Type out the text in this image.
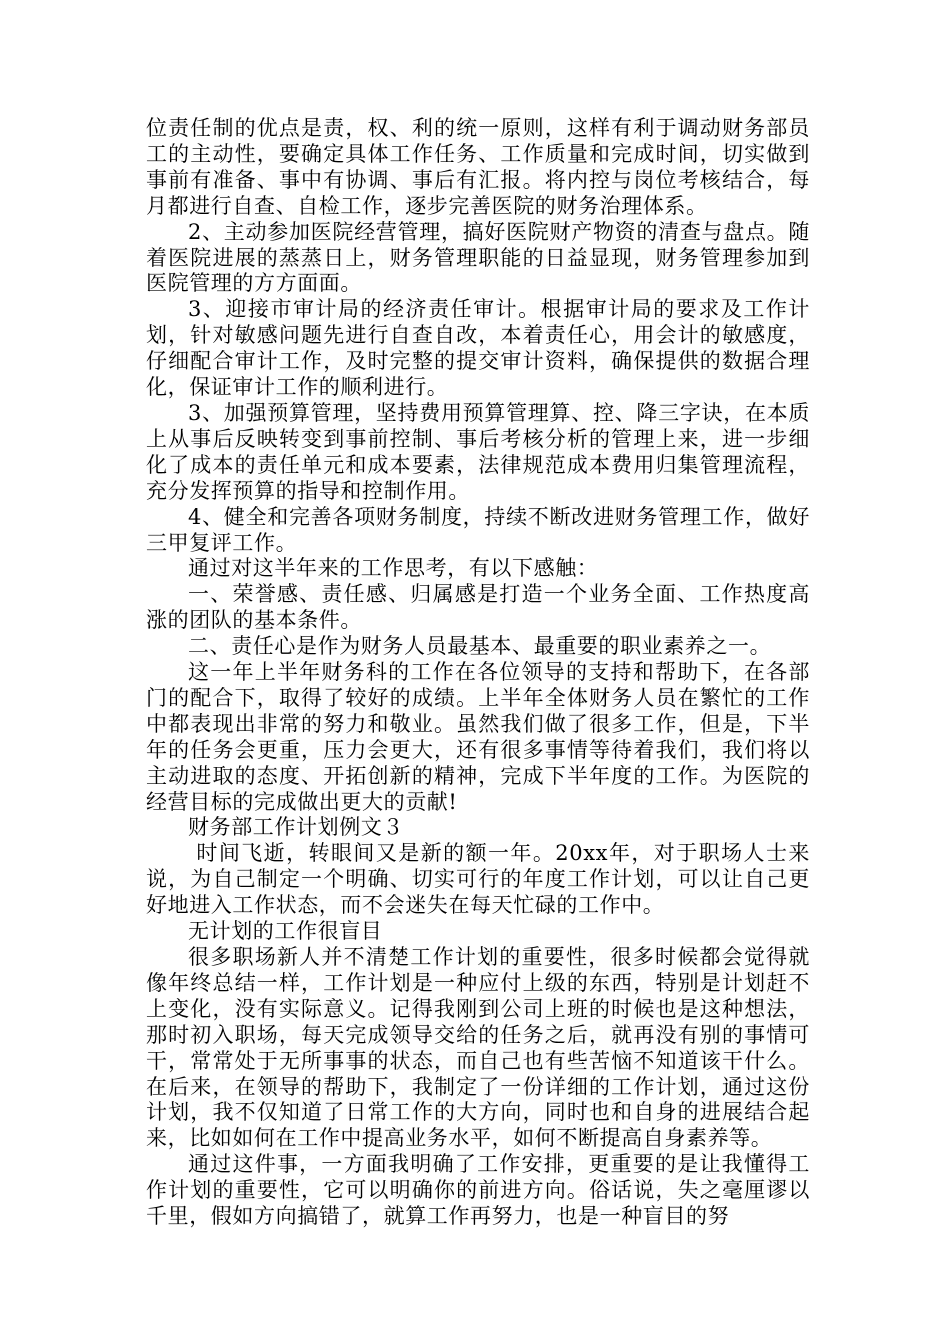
位责任制的优点是责，权、利的统一原则，这样有利于调动财务部员工的主动性，要确定具体工作任务、工作质量和完成时间，切实做到事前有准备、事中有协调、事后有汇报。将内控与岗位考核结合，每月都进行自查、自检工作，逐步完善医院的财务治理体系。

2、主动参加医院经营管理，搞好医院财产物资的清查与盘点。随着医院进展的蒸蒸日上，财务管理职能的日益显现，财务管理参加到医院管理的方方面面。

3、迎接市审计局的经济责任审计。根据审计局的要求及工作计划，针对敏感问题先进行自查自改，本着责任心，用会计的敏感度，仔细配合审计工作，及时完整的提交审计资料，确保提供的数据合理化，保证审计工作的顺利进行。

3、加强预算管理，坚持费用预算管理算、控、降三字诀，在本质上从事后反映转变到事前控制、事后考核分析的管理上来，进一步细化了成本的责任单元和成本要素，法律规范成本费用归集管理流程，充分发挥预算的指导和控制作用。

4、健全和完善各项财务制度，持续不断改进财务管理工作，做好三甲复评工作。

通过对这半年来的工作思考，有以下感触：

一、荣誉感、责任感、归属感是打造一个业务全面、工作热度高涨的团队的基本条件。

二、责任心是作为财务人员最基本、最重要的职业素养之一。

这一年上半年财务科的工作在各位领导的支持和帮助下，在各部门的配合下，取得了较好的成绩。上半年全体财务人员在繁忙的工作中都表现出非常的努力和敬业。虽然我们做了很多工作，但是，下半年的任务会更重，压力会更大，还有很多事情等待着我们，我们将以主动进取的态度、开拓创新的精神，完成下半年度的工作。为医院的经营目标的完成做出更大的贡献!

财务部工作计划例文３

时间飞逝，转眼间又是新的额一年。20xx年，对于职场人士来说，为自己制定一个明确、切实可行的年度工作计划，可以让自己更好地进入工作状态，而不会迷失在每天忙碌的工作中。

无计划的工作很盲目

很多职场新人并不清楚工作计划的重要性，很多时候都会觉得就像年终总结一样，工作计划是一种应付上级的东西，特别是计划赶不上变化，没有实际意义。记得我刚到公司上班的时候也是这种想法，那时初入职场，每天完成领导交给的任务之后，就再没有别的事情可干，常常处于无所事事的状态，而自己也有些苦恼不知道该干什么。在后来，在领导的帮助下，我制定了一份详细的工作计划，通过这份计划，我不仅知道了日常工作的大方向，同时也和自身的进展结合起来，比如如何在工作中提高业务水平，如何不断提高自身素养等。

通过这件事，一方面我明确了工作安排，更重要的是让我懂得工作计划的重要性，它可以明确你的前进方向。俗话说，失之毫厘谬以千里，假如方向搞错了，就算工作再努力，也是一种盲目的努
